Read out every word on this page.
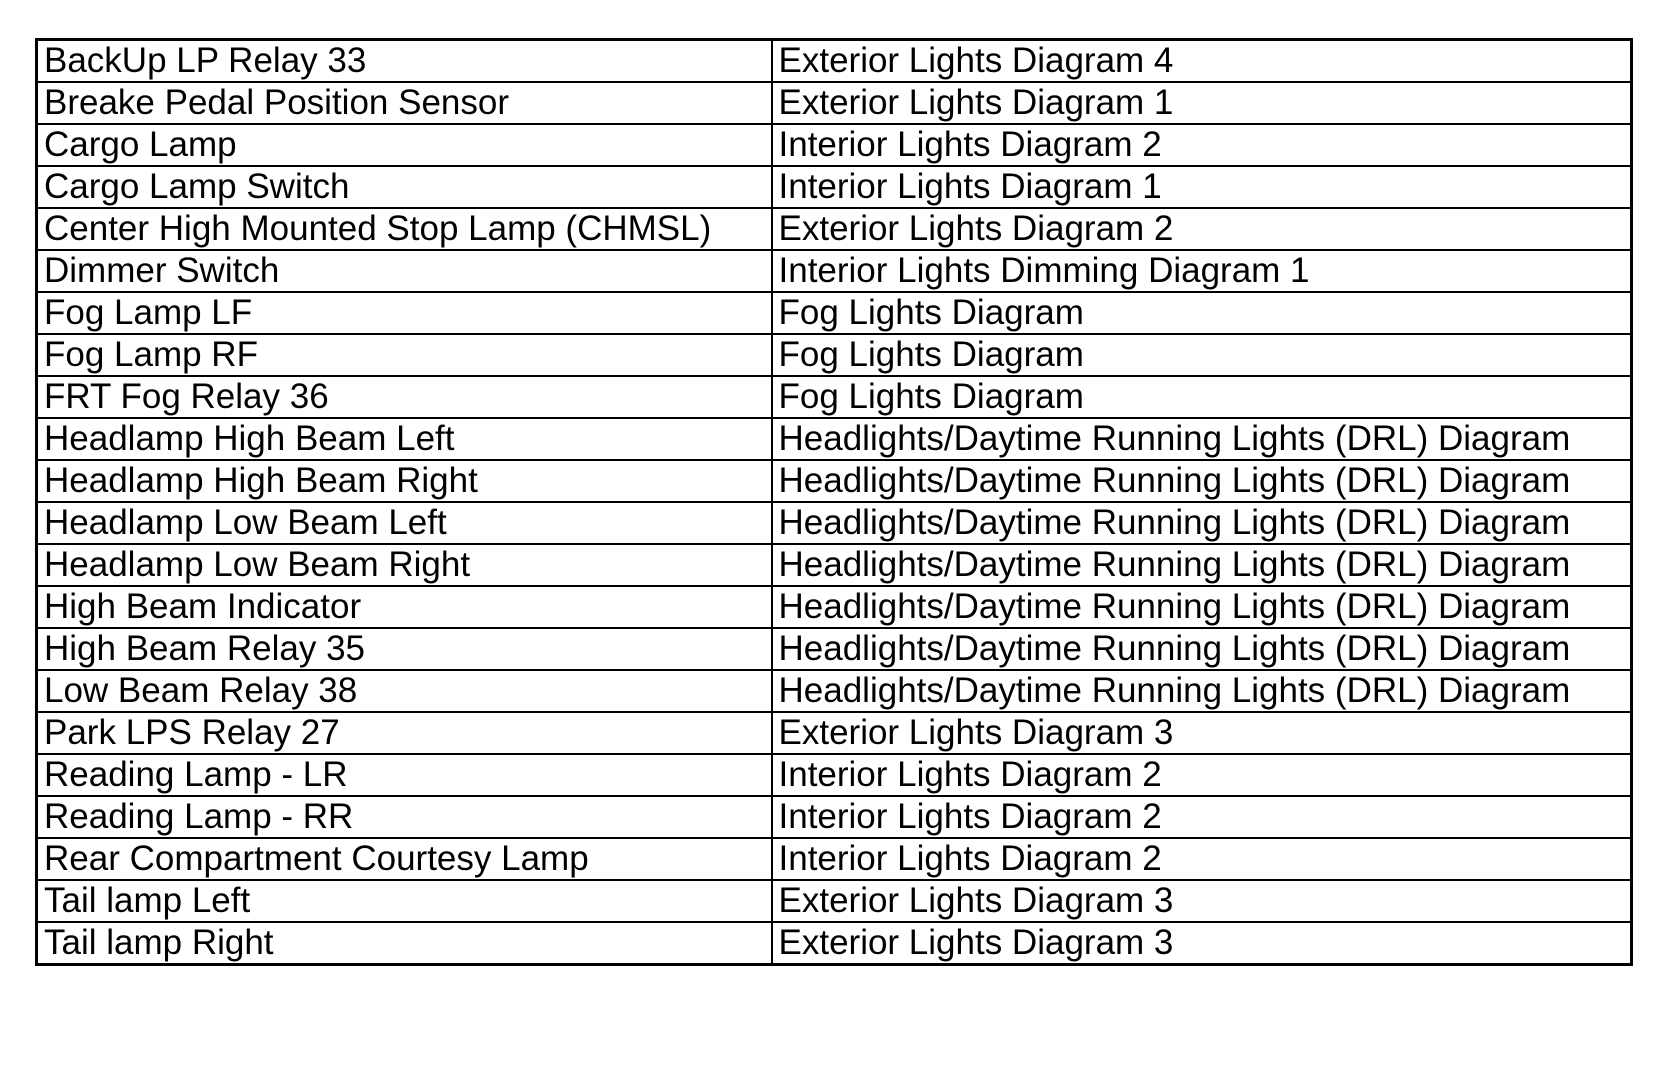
BackUp LP Relay 33	Exterior Lights Diagram 4
Breake Pedal Position Sensor	Exterior Lights Diagram 1
Cargo Lamp	Interior Lights Diagram 2
Cargo Lamp Switch	Interior Lights Diagram 1
Center High Mounted Stop Lamp (CHMSL)	Exterior Lights Diagram 2
Dimmer Switch	Interior Lights Dimming Diagram 1
Fog Lamp LF	Fog Lights Diagram
Fog Lamp RF	Fog Lights Diagram
FRT Fog Relay 36	Fog Lights Diagram
Headlamp High Beam Left	Headlights/Daytime Running Lights (DRL) Diagram
Headlamp High Beam Right	Headlights/Daytime Running Lights (DRL) Diagram
Headlamp Low Beam Left	Headlights/Daytime Running Lights (DRL) Diagram
Headlamp Low Beam Right	Headlights/Daytime Running Lights (DRL) Diagram
High Beam Indicator	Headlights/Daytime Running Lights (DRL) Diagram
High Beam Relay 35	Headlights/Daytime Running Lights (DRL) Diagram
Low Beam Relay 38	Headlights/Daytime Running Lights (DRL) Diagram
Park LPS Relay 27	Exterior Lights Diagram 3
Reading Lamp - LR	Interior Lights Diagram 2
Reading Lamp - RR	Interior Lights Diagram 2
Rear Compartment Courtesy Lamp	Interior Lights Diagram 2
Tail lamp Left	Exterior Lights Diagram 3
Tail lamp Right	Exterior Lights Diagram 3
